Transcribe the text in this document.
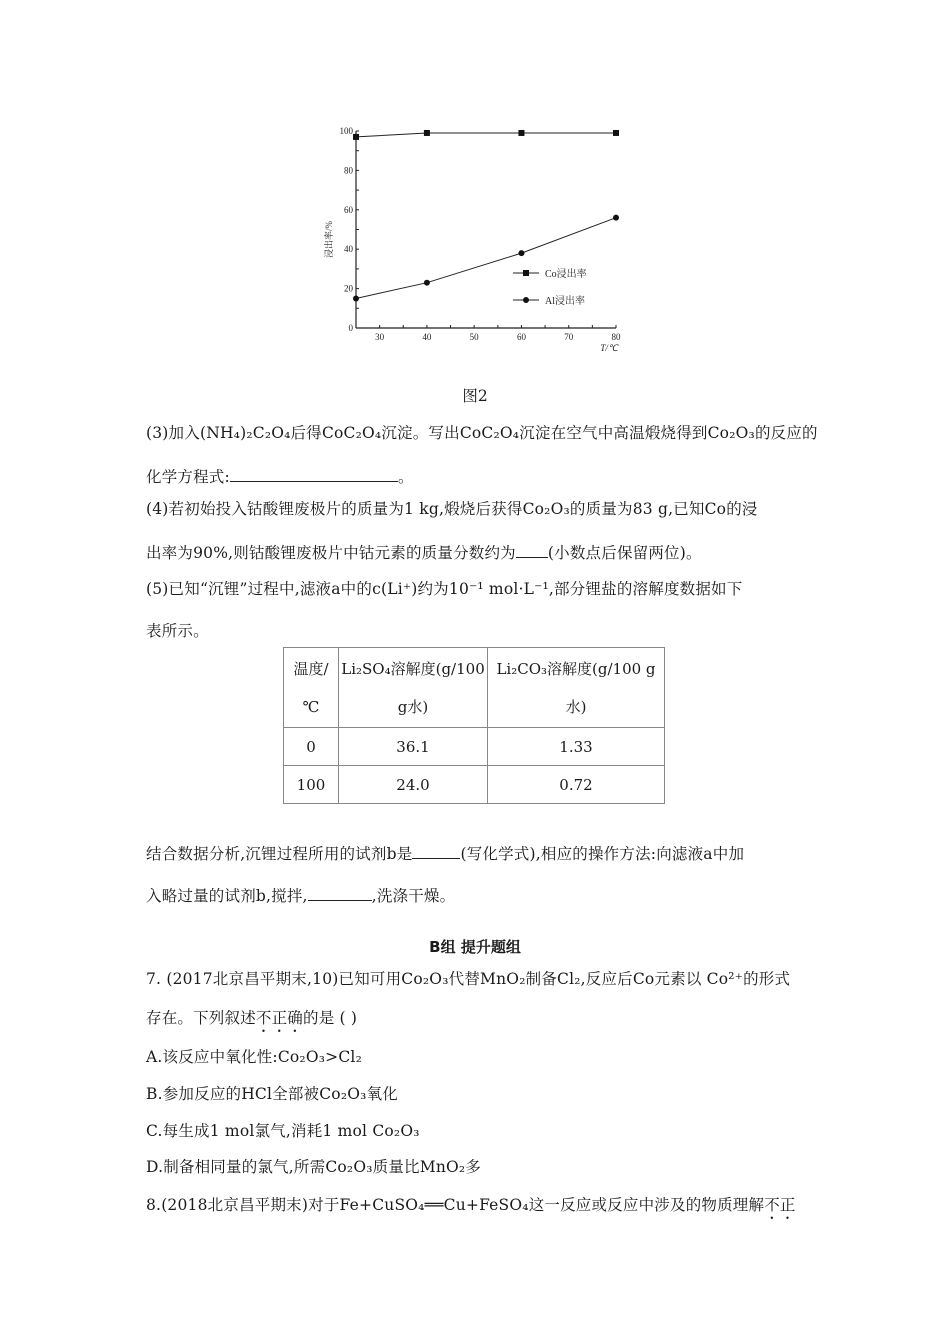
30	40	50	60	70	80
T/℃
0
20
40
60
80
100
浸出率/%
Co浸出率
Al浸出率
图2
(3)加入(NH₄)₂C₂O₄后得CoC₂O₄沉淀。写出CoC₂O₄沉淀在空气中高温煅烧得到Co₂O₃的反应的
化学方程式:	。
(4)若初始投入钴酸锂废极片的质量为1 kg,煅烧后获得Co₂O₃的质量为83 g,已知Co的浸
出率为90%,则钴酸锂废极片中钴元素的质量分数约为 (小数点后保留两位)。
(5)已知“沉锂”过程中,滤液a中的c(Li⁺)约为10⁻¹ mol·L⁻¹,部分锂盐的溶解度数据如下
表所示。
温度/
℃	Li₂SO₄溶解度(g/100
g水)	Li₂CO₃溶解度(g/100 g
水)
0	36.1	1.33
100	24.0	0.72
结合数据分析,沉锂过程所用的试剂b是	(写化学式),相应的操作方法:向滤液a中加
入略过量的试剂b,搅拌,	,洗涤干燥。
B组 提升题组
7. (2017北京昌平期末,10)已知可用Co₂O₃代替MnO₂制备Cl₂,反应后Co元素以 Co²⁺的形式
存在。下列叙述不正确的是 ( )
A.该反应中氧化性:Co₂O₃>Cl₂
B.参加反应的HCl全部被Co₂O₃氧化
C.每生成1 mol氯气,消耗1 mol Co₂O₃
D.制备相同量的氯气,所需Co₂O₃质量比MnO₂多
8.(2018北京昌平期末)对于Fe+CuSO₄══Cu+FeSO₄这一反应或反应中涉及的物质理解不正
